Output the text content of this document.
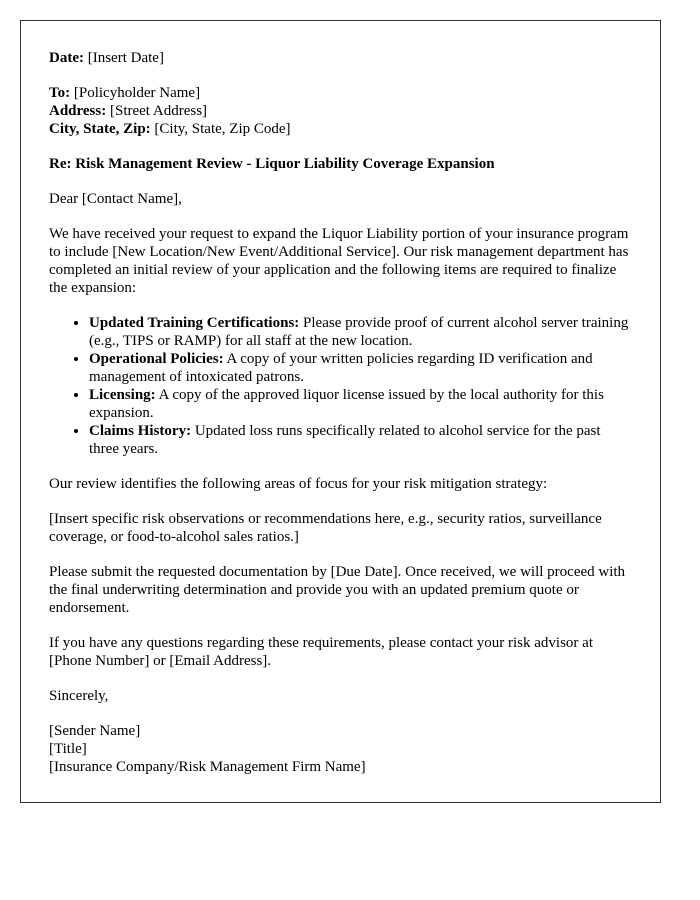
Date: [Insert Date]

To: [Policyholder Name]
Address: [Street Address]
City, State, Zip: [City, State, Zip Code]

Re: Risk Management Review - Liquor Liability Coverage Expansion

Dear [Contact Name],

We have received your request to expand the Liquor Liability portion of your insurance program to include [New Location/New Event/Additional Service]. Our risk management department has completed an initial review of your application and the following items are required to finalize the expansion:

• Updated Training Certifications: Please provide proof of current alcohol server training (e.g., TIPS or RAMP) for all staff at the new location.
• Operational Policies: A copy of your written policies regarding ID verification and management of intoxicated patrons.
• Licensing: A copy of the approved liquor license issued by the local authority for this expansion.
• Claims History: Updated loss runs specifically related to alcohol service for the past three years.

Our review identifies the following areas of focus for your risk mitigation strategy:

[Insert specific risk observations or recommendations here, e.g., security ratios, surveillance coverage, or food-to-alcohol sales ratios.]

Please submit the requested documentation by [Due Date]. Once received, we will proceed with the final underwriting determination and provide you with an updated premium quote or endorsement.

If you have any questions regarding these requirements, please contact your risk advisor at [Phone Number] or [Email Address].

Sincerely,

[Sender Name]
[Title]
[Insurance Company/Risk Management Firm Name]
